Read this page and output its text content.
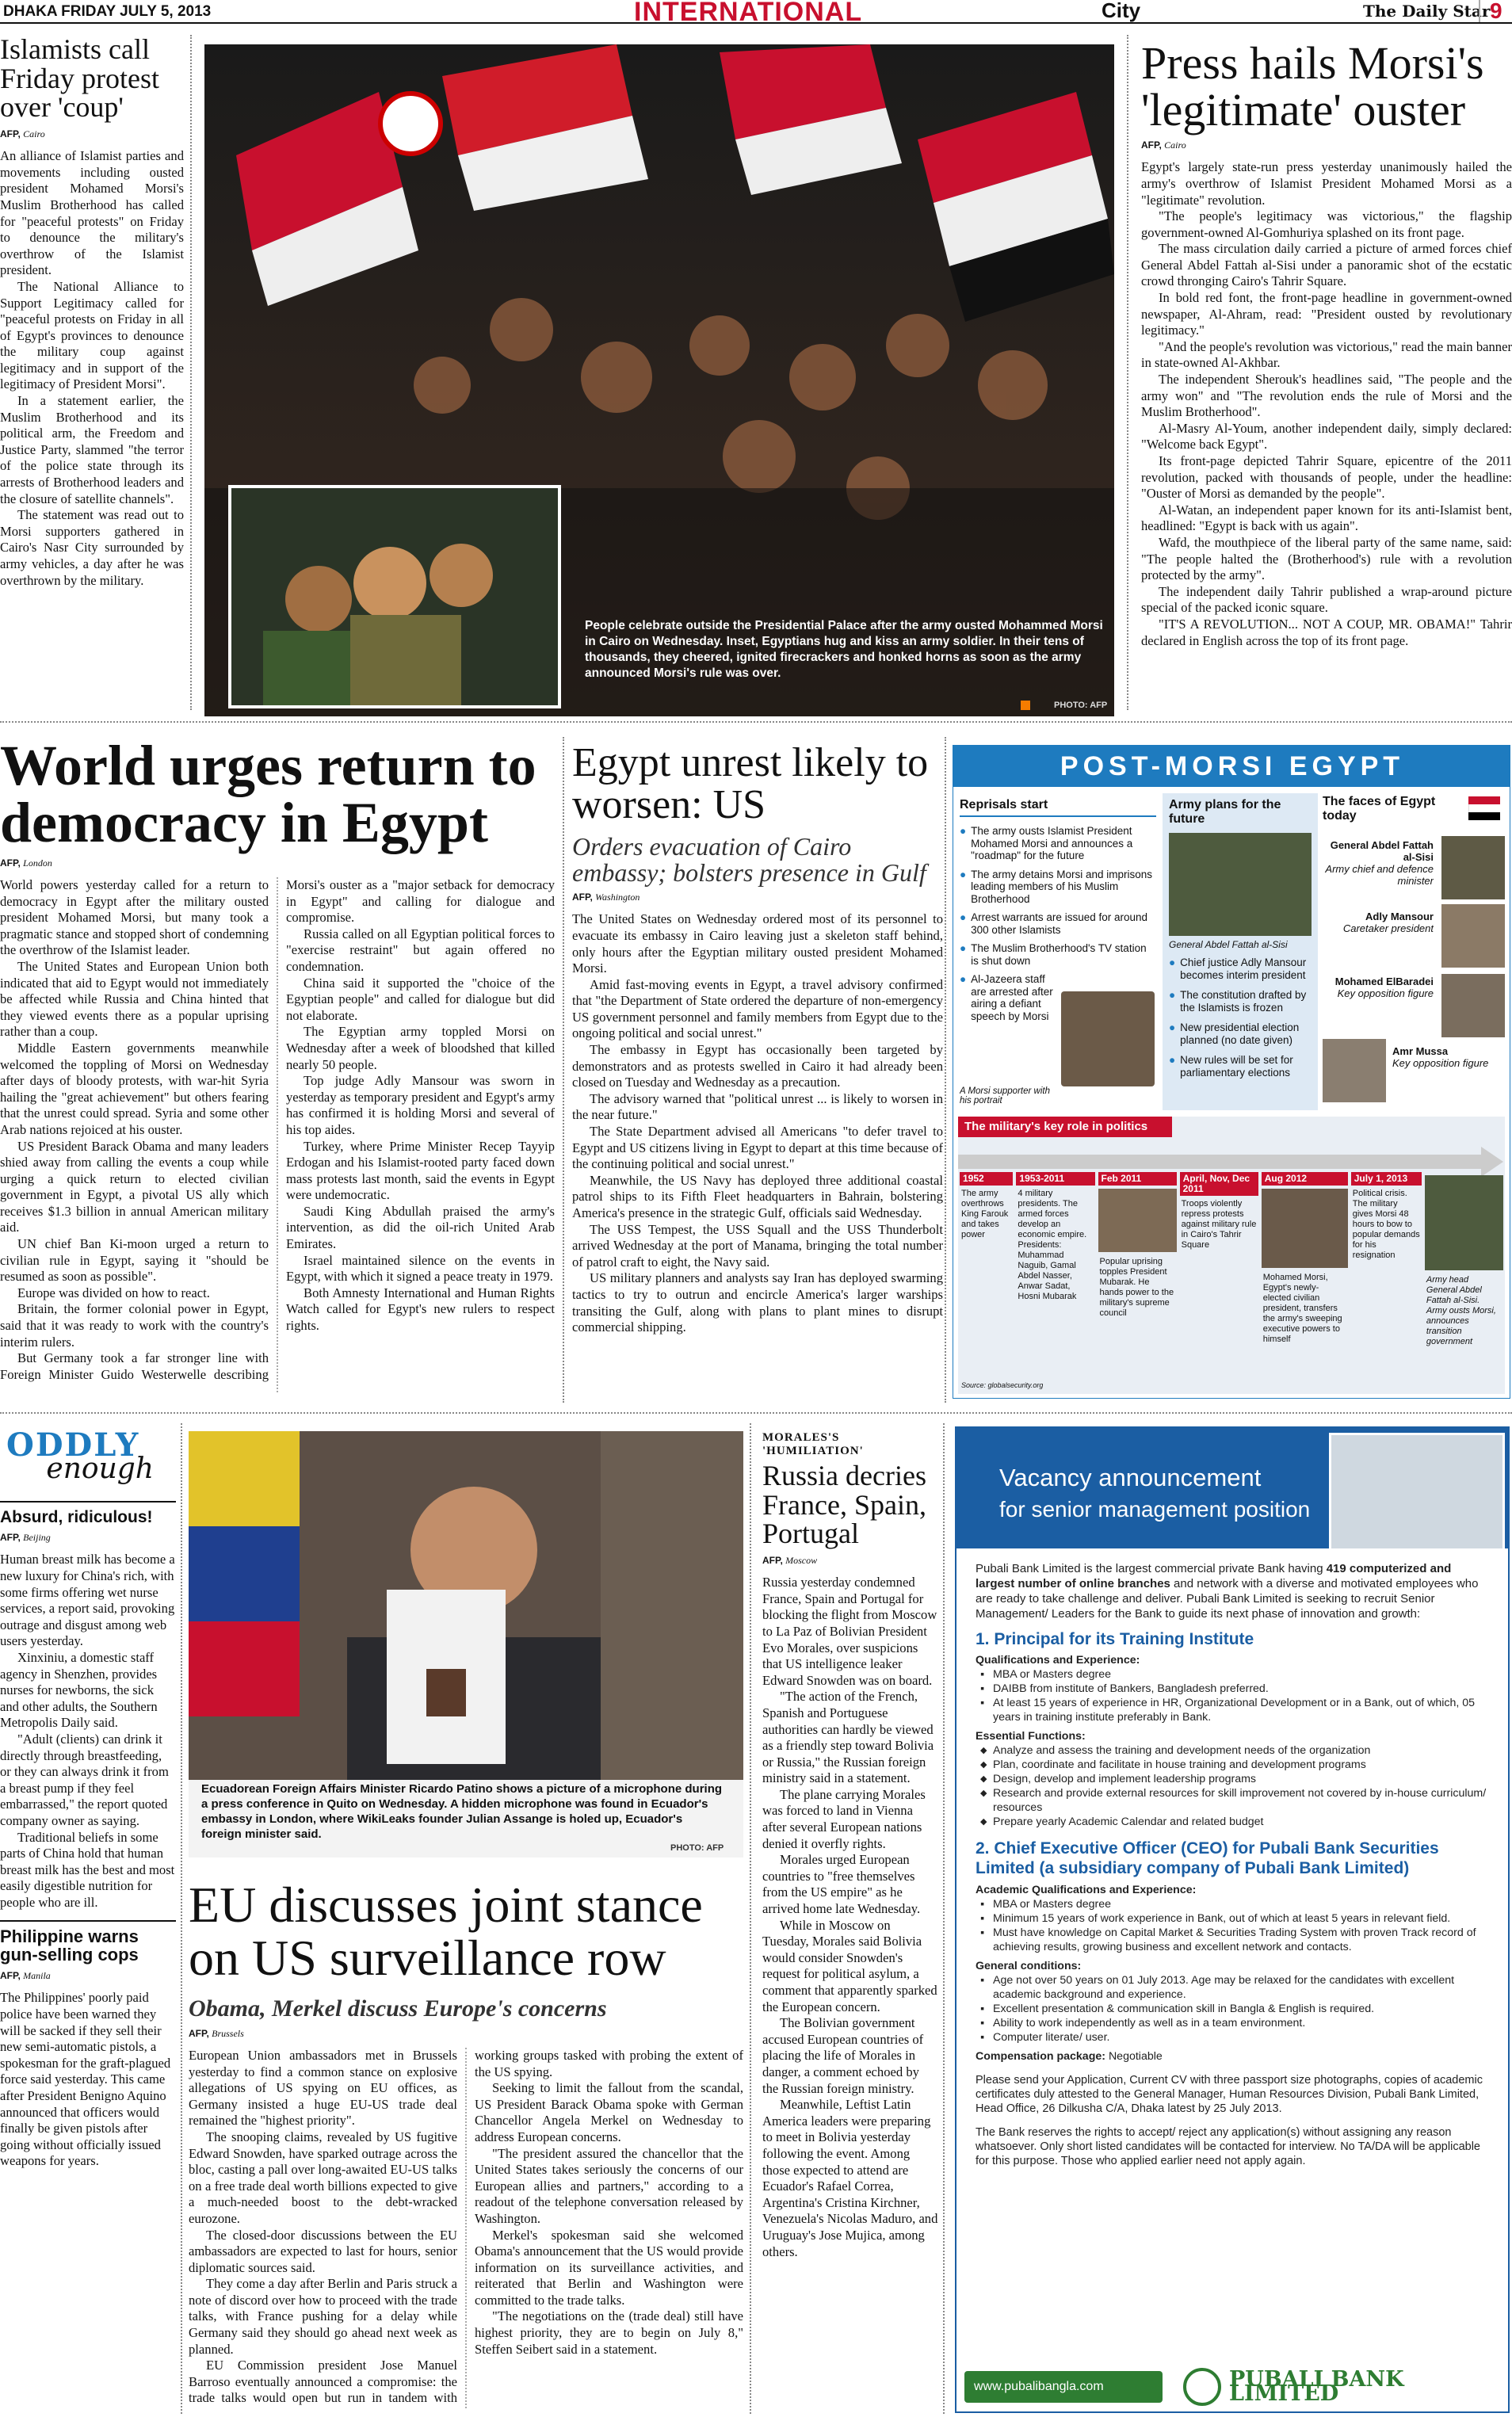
DHAKA FRIDAY JULY 5, 2013	INTERNATIONAL	City	The Daily Star 9
Islamists call Friday protest over 'coup'
AFP, Cairo

An alliance of Islamist parties and movements including ousted president Mohamed Morsi's Muslim Brotherhood has called for "peaceful protests" on Friday to denounce the military's overthrow of the Islamist president.

The National Alliance to Support Legitimacy called for "peaceful protests on Friday in all of Egypt's provinces to denounce the military coup against legitimacy and in support of the legitimacy of President Morsi".

In a statement earlier, the Muslim Brotherhood and its political arm, the Freedom and Justice Party, slammed "the terror of the police state through its arrests of Brotherhood leaders and the closure of satellite channels".

The statement was read out to Morsi supporters gathered in Cairo's Nasr City surrounded by army vehicles, a day after he was overthrown by the military.

People celebrate outside the Presidential Palace after the army ousted Mohammed Morsi in Cairo on Wednesday. Inset, Egyptians hug and kiss an army soldier. In their tens of thousands, they cheered, ignited firecrackers and honked horns as soon as the army announced Morsi's rule was over.
PHOTO: AFP
Press hails Morsi's 'legitimate' ouster
AFP, Cairo

Egypt's largely state-run press yesterday unanimously hailed the army's overthrow of Islamist President Mohamed Morsi as a "legitimate" revolution.

"The people's legitimacy was victorious," the flagship government-owned Al-Gomhuriya splashed on its front page.

The mass circulation daily carried a picture of armed forces chief General Abdel Fattah al-Sisi under a panoramic shot of the ecstatic crowd thronging Cairo's Tahrir Square.

In bold red font, the front-page headline in government-owned newspaper, Al-Ahram, read: "President ousted by revolutionary legitimacy."

"And the people's revolution was victorious," read the main banner in state-owned Al-Akhbar.

The independent Sherouk's headlines said, "The people and the army won" and "The revolution ends the rule of Morsi and the Muslim Brotherhood".

Al-Masry Al-Youm, another independent daily, simply declared: "Welcome back Egypt".

Its front-page depicted Tahrir Square, epicentre of the 2011 revolution, packed with thousands of people, under the headline: "Ouster of Morsi as demanded by the people".

Al-Watan, an independent paper known for its anti-Islamist bent, headlined: "Egypt is back with us again".

Wafd, the mouthpiece of the liberal party of the same name, said: "The people halted the (Brotherhood's) rule with a revolution protected by the army".

The independent daily Tahrir published a wrap-around picture special of the packed iconic square.

"IT'S A REVOLUTION... NOT A COUP, MR. OBAMA!" Tahrir declared in English across the top of its front page.

World urges return to democracy in Egypt
AFP, London

World powers yesterday called for a return to democracy in Egypt after the military ousted president Mohamed Morsi, but many took a pragmatic stance and stopped short of condemning the overthrow of the Islamist leader.

The United States and European Union both indicated that aid to Egypt would not immediately be affected while Russia and China hinted that they viewed events there as a popular uprising rather than a coup.

Middle Eastern governments meanwhile welcomed the toppling of Morsi on Wednesday after days of bloody protests, with war-hit Syria hailing the "great achievement" but others fearing that the unrest could spread. Syria and some other Arab nations rejoiced at his ouster.

US President Barack Obama and many leaders shied away from calling the events a coup while urging a quick return to elected civilian government in Egypt, a pivotal US ally which receives $1.3 billion in annual American military aid.

UN chief Ban Ki-moon urged a return to civilian rule in Egypt, saying it "should be resumed as soon as possible".

Europe was divided on how to react.

Britain, the former colonial power in Egypt, said that it was ready to work with the country's interim rulers.

But Germany took a far stronger line with Foreign Minister Guido Westerwelle describing Morsi's ouster as a "major setback for democracy in Egypt" and calling for dialogue and compromise.

Russia called on all Egyptian political forces to "exercise restraint" but again offered no condemnation.

China said it supported the "choice of the Egyptian people" and called for dialogue but did not elaborate.

The Egyptian army toppled Morsi on Wednesday after a week of bloodshed that killed nearly 50 people.

Top judge Adly Mansour was sworn in yesterday as temporary president and Egypt's army has confirmed it is holding Morsi and several of his top aides.

Turkey, where Prime Minister Recep Tayyip Erdogan and his Islamist-rooted party faced down mass protests last month, said the events in Egypt were undemocratic.

Saudi King Abdullah praised the army's intervention, as did the oil-rich United Arab Emirates.

Israel maintained silence on the events in Egypt, with which it signed a peace treaty in 1979.

Both Amnesty International and Human Rights Watch called for Egypt's new rulers to respect rights.

Egypt unrest likely to worsen: US
Orders evacuation of Cairo embassy; bolsters presence in Gulf
AFP, Washington

The United States on Wednesday ordered most of its personnel to evacuate its embassy in Cairo leaving just a skeleton staff behind, only hours after the Egyptian military ousted president Mohamed Morsi.

Amid fast-moving events in Egypt, a travel advisory confirmed that "the Department of State ordered the departure of non-emergency US government personnel and family members from Egypt due to the ongoing political and social unrest."

The embassy in Egypt has occasionally been targeted by demonstrators and as protests swelled in Cairo it had already been closed on Tuesday and Wednesday as a precaution.

The advisory warned that "political unrest ... is likely to worsen in the near future."

The State Department advised all Americans "to defer travel to Egypt and US citizens living in Egypt to depart at this time because of the continuing political and social unrest."

Meanwhile, the US Navy has deployed three additional coastal patrol ships to its Fifth Fleet headquarters in Bahrain, bolstering America's presence in the strategic Gulf, officials said Wednesday.

The USS Tempest, the USS Squall and the USS Thunderbolt arrived Wednesday at the port of Manama, bringing the total number of patrol craft to eight, the Navy said.

US military planners and analysts say Iran has deployed swarming tactics to try to outrun and encircle America's larger warships transiting the Gulf, along with plans to plant mines to disrupt commercial shipping.

POST-MORSI EGYPT
Reprisals start
● The army ousts Islamist President Mohamed Morsi and announces a "roadmap" for the future
● The army detains Morsi and imprisons leading members of his Muslim Brotherhood
● Arrest warrants are issued for around 300 other Islamists
● The Muslim Brotherhood's TV station is shut down
● Al-Jazeera staff are arrested after airing a defiant speech by Morsi
A Morsi supporter with his portrait
Army plans for the future
General Abdel Fattah al-Sisi
● Chief justice Adly Mansour becomes interim president
● The constitution drafted by the Islamists is frozen
● New presidential election planned (no date given)
● New rules will be set for parliamentary elections
The faces of Egypt today
General Abdel Fattah al-Sisi
Army chief and defence minister
Adly Mansour
Caretaker president
Mohamed ElBaradei
Key opposition figure
Amr Mussa
Key opposition figure
The military's key role in politics
1952
The army overthrows King Farouk and takes power
1953-2011
4 military presidents. The armed forces develop an economic empire. Presidents: Muhammad Naguib, Gamal Abdel Nasser, Anwar Sadat, Hosni Mubarak
Feb 2011
Popular uprising topples President Mubarak. He hands power to the military's supreme council
April, Nov, Dec 2011
Troops violently repress protests against military rule in Cairo's Tahrir Square
Aug 2012
Mohamed Morsi, Egypt's newly-elected civilian president, transfers the army's sweeping executive powers to himself
July 1, 2013
Political crisis. The military gives Morsi 48 hours to bow to popular demands for his resignation
Army head General Abdel Fattah al-Sisi. Army ousts Morsi, announces transition government
Source: globalsecurity.org
ODDLY
enough
Absurd, ridiculous!
AFP, Beijing

Human breast milk has become a new luxury for China's rich, with some firms offering wet nurse services, a report said, provoking outrage and disgust among web users yesterday.

Xinxiniu, a domestic staff agency in Shenzhen, provides nurses for newborns, the sick and other adults, the Southern Metropolis Daily said.

"Adult (clients) can drink it directly through breastfeeding, or they can always drink it from a breast pump if they feel embarrassed," the report quoted company owner as saying.

Traditional beliefs in some parts of China hold that human breast milk has the best and most easily digestible nutrition for people who are ill.

Philippine warns gun-selling cops
AFP, Manila

The Philippines' poorly paid police have been warned they will be sacked if they sell their new semi-automatic pistols, a spokesman for the graft-plagued force said yesterday. This came after President Benigno Aquino announced that officers would finally be given pistols after going without officially issued weapons for years.

Ecuadorean Foreign Affairs Minister Ricardo Patino shows a picture of a microphone during a press conference in Quito on Wednesday. A hidden microphone was found in Ecuador's embassy in London, where WikiLeaks founder Julian Assange is holed up, Ecuador's foreign minister said.
PHOTO: AFP
EU discusses joint stance on US surveillance row
Obama, Merkel discuss Europe's concerns
AFP, Brussels

European Union ambassadors met in Brussels yesterday to find a common stance on explosive allegations of US spying on EU offices, as Germany insisted a huge EU-US trade deal remained the "highest priority".

The snooping claims, revealed by US fugitive Edward Snowden, have sparked outrage across the bloc, casting a pall over long-awaited EU-US talks on a free trade deal worth billions expected to give a much-needed boost to the debt-wracked eurozone.

The closed-door discussions between the EU ambassadors are expected to last for hours, senior diplomatic sources said.

They come a day after Berlin and Paris struck a note of discord over how to proceed with the trade talks, with France pushing for a delay while Germany said they should go ahead next week as planned.

EU Commission president Jose Manuel Barroso eventually announced a compromise: the trade talks would open but run in tandem with working groups tasked with probing the extent of the US spying.

Seeking to limit the fallout from the scandal, US President Barack Obama spoke with German Chancellor Angela Merkel on Wednesday to address European concerns.

"The president assured the chancellor that the United States takes seriously the concerns of our European allies and partners," according to a readout of the telephone conversation released by Washington.

Merkel's spokesman said she welcomed Obama's announcement that the US would provide information on its surveillance activities, and reiterated that Berlin and Washington were committed to the trade talks.

"The negotiations on the (trade deal) still have highest priority, they are to begin on July 8," Steffen Seibert said in a statement.

MORALES'S 'HUMILIATION'
Russia decries France, Spain, Portugal
AFP, Moscow

Russia yesterday condemned France, Spain and Portugal for blocking the flight from Moscow to La Paz of Bolivian President Evo Morales, over suspicions that US intelligence leaker Edward Snowden was on board.

"The action of the French, Spanish and Portuguese authorities can hardly be viewed as a friendly step toward Bolivia or Russia," the Russian foreign ministry said in a statement.

The plane carrying Morales was forced to land in Vienna after several European nations denied it overfly rights.

Morales urged European countries to "free themselves from the US empire" as he arrived home late Wednesday.

While in Moscow on Tuesday, Morales said Bolivia would consider Snowden's request for political asylum, a comment that apparently sparked the European concern.

The Bolivian government accused European countries of placing the life of Morales in danger, a comment echoed by the Russian foreign ministry.

Meanwhile, Leftist Latin America leaders were preparing to meet in Bolivia yesterday following the event. Among those expected to attend are Ecuador's Rafael Correa, Argentina's Cristina Kirchner, Venezuela's Nicolas Maduro, and Uruguay's Jose Mujica, among others.

Vacancy announcement
for senior management position

Pubali Bank Limited is the largest commercial private Bank having 419 computerized and largest number of online branches and network with a diverse and motivated employees who are ready to take challenge and deliver. Pubali Bank Limited is seeking to recruit Senior Management/ Leaders for the Bank to guide its next phase of innovation and growth:

1. Principal for its Training Institute
Qualifications and Experience:
▪ MBA or Masters degree
▪ DAIBB from institute of Bankers, Bangladesh preferred.
▪ At least 15 years of experience in HR, Organizational Development or in a Bank, out of which, 05 years in training institute preferably in Bank.
Essential Functions:
◆ Analyze and assess the training and development needs of the organization
◆ Plan, coordinate and facilitate in house training and development programs
◆ Design, develop and implement leadership programs
◆ Research and provide external resources for skill improvement not covered by in-house curriculum/ resources
◆ Prepare yearly Academic Calendar and related budget
2. Chief Executive Officer (CEO) for Pubali Bank Securities Limited (a subsidiary company of Pubali Bank Limited)
Academic Qualifications and Experience:
▪ MBA or Masters degree
▪ Minimum 15 years of work experience in Bank, out of which at least 5 years in relevant field.
▪ Must have knowledge on Capital Market & Securities Trading System with proven Track record of achieving results, growing business and excellent network and contacts.
General conditions:
▪ Age not over 50 years on 01 July 2013. Age may be relaxed for the candidates with excellent academic background and experience.
▪ Excellent presentation & communication skill in Bangla & English is required.
▪ Ability to work independently as well as in a team environment.
▪ Computer literate/ user.
Compensation package: Negotiable

Please send your Application, Current CV with three passport size photographs, copies of academic certificates duly attested to the General Manager, Human Resources Division, Pubali Bank Limited, Head Office, 26 Dilkusha C/A, Dhaka latest by 25 July 2013.

The Bank reserves the rights to accept/ reject any application(s) without assigning any reason whatsoever. Only short listed candidates will be contacted for interview. No TA/DA will be applicable for this purpose. Those who applied earlier need not apply again.

www.pubalibangla.com	PUBALI BANK LIMITED
